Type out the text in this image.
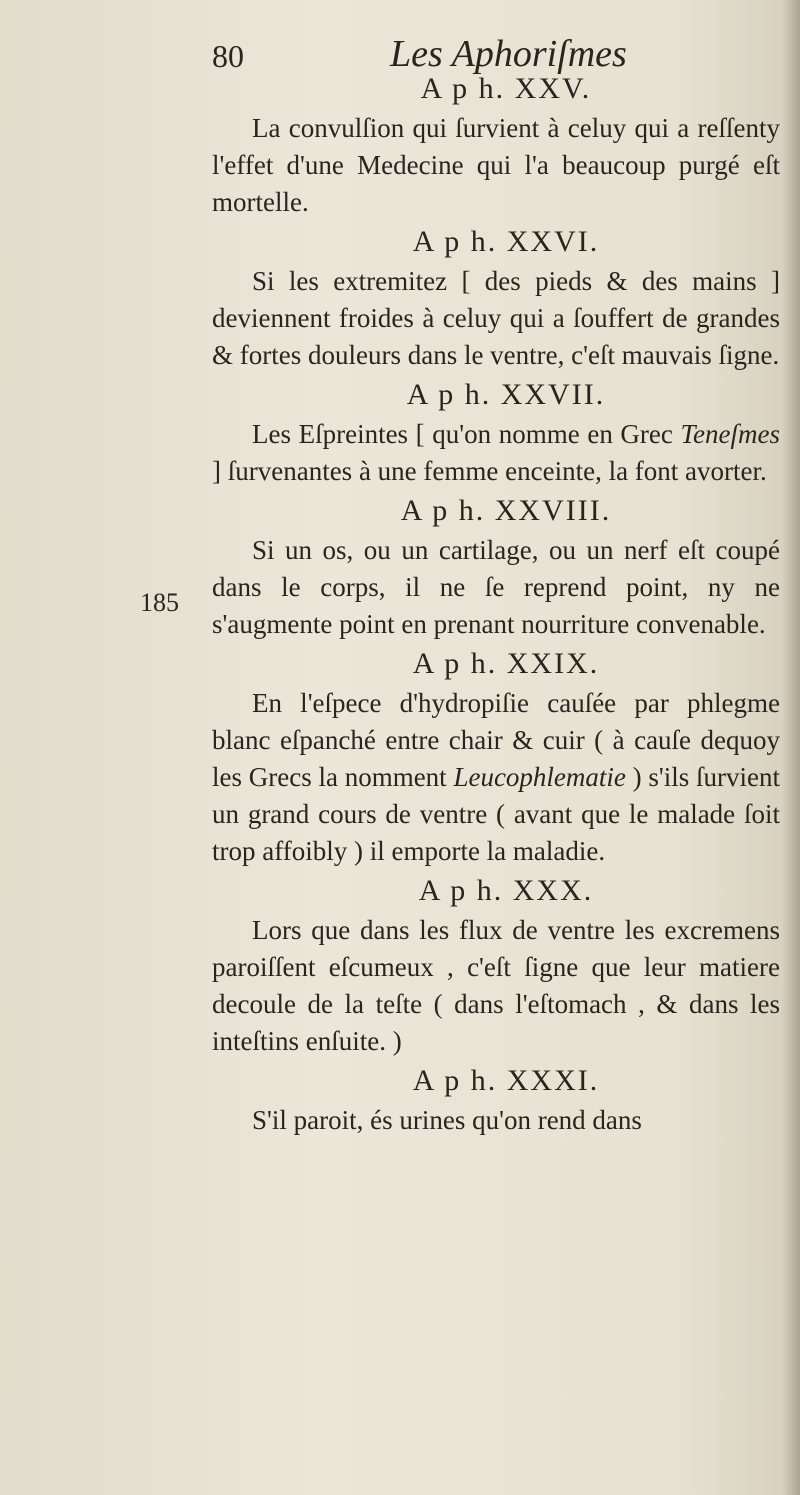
80	Les Aphoriſmes
185
A p h. XXV.

La convulſion qui ſurvient à celuy qui a reſſenty l'effet d'une Medecine qui l'a beaucoup purgé eſt mortelle.

A p h. XXVI.

Si les extremitez [ des pieds & des mains ] deviennent froides à celuy qui a ſouffert de grandes & fortes douleurs dans le ventre, c'eſt mauvais ſigne.

A p h. XXVII.

Les Eſpreintes [ qu'on nomme en Grec Teneſmes ] ſurvenantes à une femme enceinte, la font avorter.

A p h. XXVIII.

Si un os, ou un cartilage, ou un nerf eſt coupé dans le corps, il ne ſe reprend point, ny ne s'augmente point en prenant nourriture convenable.

A p h. XXIX.

En l'eſpece d'hydropiſie cauſée par phlegme blanc eſpanché entre chair & cuir ( à cauſe dequoy les Grecs la nomment Leucophlematie ) s'ils ſurvient un grand cours de ventre ( avant que le malade ſoit trop affoibly ) il emporte la maladie.

A p h. XXX.

Lors que dans les flux de ventre les excremens paroiſſent eſcumeux , c'eſt ſigne que leur matiere decoule de la teſte ( dans l'eſtomach , & dans les inteſtins enſuite. )

A p h. XXXI.

S'il paroit, és urines qu'on rend dans
